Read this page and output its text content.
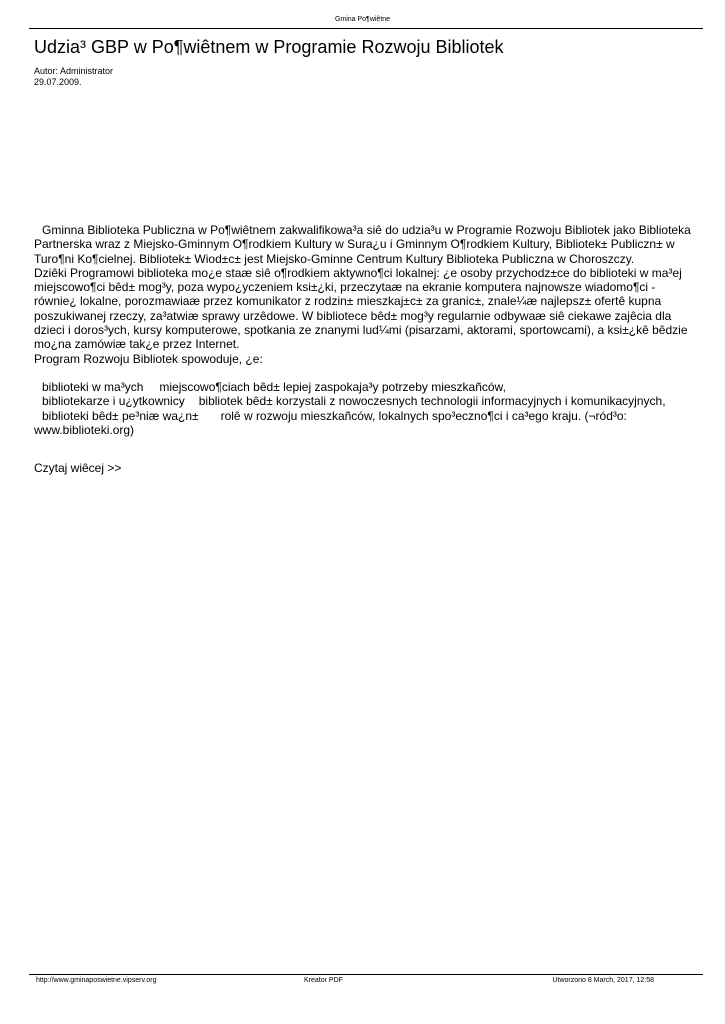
Gmina Po¶wiêtne
Udzia³ GBP w Po¶wiêtnem w Programie Rozwoju Bibliotek
Autor: Administrator
29.07.2009.

Gminna Biblioteka Publiczna w Po¶wiêtnem zakwalifikowa³a siê do udzia³u w Programie Rozwoju Bibliotek jako Biblioteka Partnerska wraz z Miejsko-Gminnym O¶rodkiem Kultury w Sura¿u i Gminnym O¶rodkiem Kultury, Bibliotek± Publiczn± w Turo¶ni Ko¶cielnej. Bibliotek± Wiod±c± jest Miejsko-Gminne Centrum Kultury Biblioteka Publiczna w Choroszczy.

Dziêki Programowi biblioteka mo¿e staæ siê o¶rodkiem aktywno¶ci lokalnej: ¿e osoby przychodz±ce do biblioteki w ma³ej miejscowo¶ci bêd± mog³y, poza wypo¿yczeniem ksi±¿ki, przeczytaæ na ekranie komputera najnowsze wiadomo¶ci - równie¿ lokalne, porozmawiaæ przez komunikator z rodzin± mieszkaj±c± za granic±, znale¼æ najlepsz± ofertê kupna poszukiwanej rzeczy, za³atwiæ sprawy urzêdowe. W bibliotece bêd± mog³y regularnie odbywaæ siê ciekawe zajêcia dla dzieci i doros³ych, kursy komputerowe, spotkania ze znanymi lud¼mi (pisarzami, aktorami, sportowcami), a ksi±¿kê bêdzie mo¿na zamówiæ tak¿e przez Internet.

Program Rozwoju Bibliotek spowoduje, ¿e:

biblioteki w ma³ych miejscowo¶ciach bêd± lepiej zaspokaja³y potrzeby mieszkañców,

bibliotekarze i u¿ytkownicy bibliotek bêd± korzystali z nowoczesnych technologii informacyjnych i komunikacyjnych,

biblioteki bêd± pe³niæ wa¿n± rolê w rozwoju mieszkañców, lokalnych spo³eczno¶ci i ca³ego kraju. (¬ród³o: www.biblioteki.org)

Czytaj wiêcej >>
http://www.gminaposwietne.vipserv.org	Kreator PDF	Utworzono 8 March, 2017, 12:58
